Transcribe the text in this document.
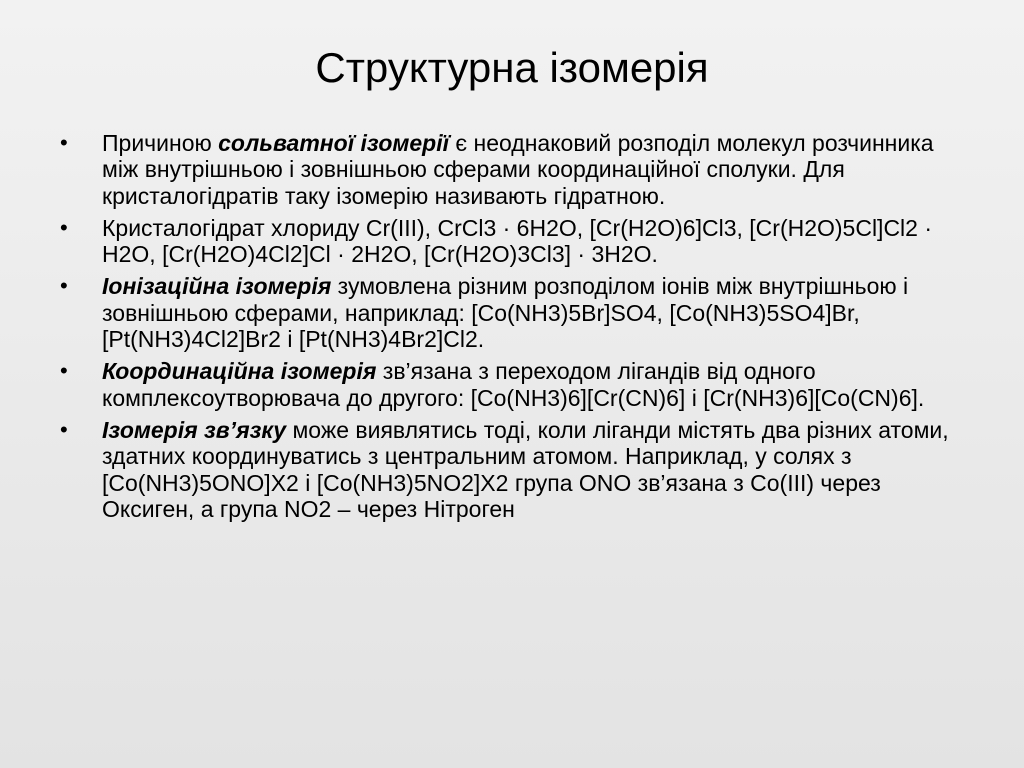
Структурна ізомерія
• Причиною сольватної ізомерії є неоднаковий розподіл молекул розчинника між внутрішньою і зовнішньою сферами координаційної сполуки. Для кристалогідратів таку ізомерію називають гідратною.
• Кристалогідрат хлориду Cr(III), CrCl3 · 6H2O, [Cr(H2O)6]Cl3, [Cr(H2O)5Cl]Cl2 · H2O, [Cr(H2O)4Cl2]Cl · 2H2O, [Cr(H2O)3Cl3] · 3H2O.
• Іонізаційна ізомерія зумовлена різним розподілом іонів між внутрішньою і зовнішньою сферами, наприклад: [Co(NH3)5Br]SO4, [Co(NH3)5SO4]Br, [Pt(NH3)4Cl2]Br2 і [Pt(NH3)4Br2]Cl2.
• Координаційна ізомерія зв’язана з переходом лігандів від одного комплексоутворювача до другого: [Co(NH3)6][Cr(CN)6] і [Cr(NH3)6][Co(CN)6].
• Ізомерія зв’язку може виявлятись тоді, коли ліганди містять два різних атоми, здатних координуватись з центральним атомом. Наприклад, у солях з [Co(NH3)5ONO]X2 і [Co(NH3)5NO2]X2 група ONO зв’язана з Co(III) через Оксиген, а група NO2 – через Нітроген
